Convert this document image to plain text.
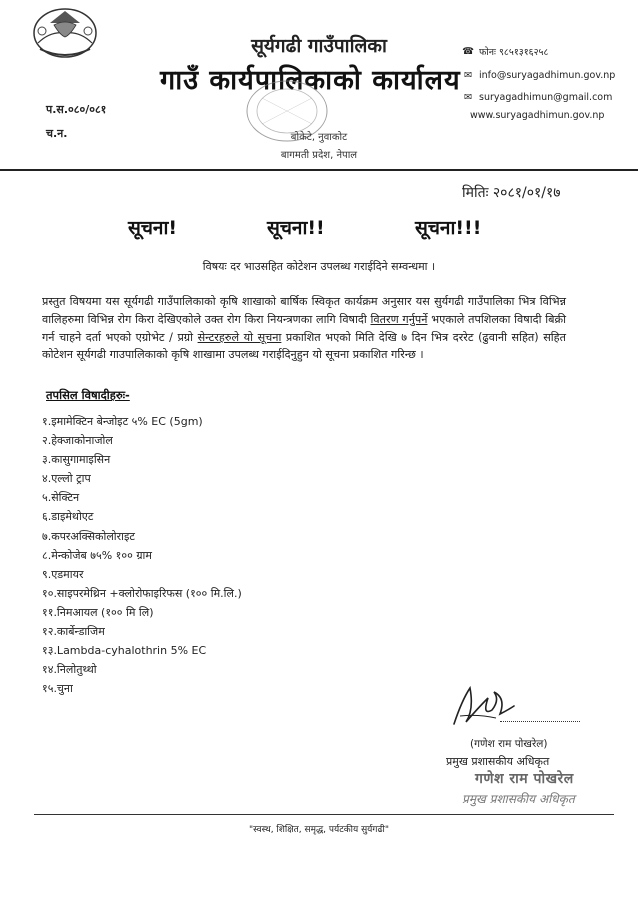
सूर्यगढी गाउँपालिका
गाउँ कार्यपालिकाको कार्यालय
☎ फोनः ९८५१३१६२५८
✉ info@suryagadhimun.gov.np
✉ suryagadhimun@gmail.com
www.suryagadhimun.gov.np
प.स.०८०/०८१
च.न.	बोकेटे, नुवाकोट
बागमती प्रदेश, नेपाल
मितिः २०८१/०१/१७
सूचना!	सूचना!!	सूचना!!!
विषयः दर भाउसहित कोटेशन उपलब्ध गराईदिने सम्वन्धमा ।
प्रस्तुत विषयमा यस सूर्यगढी गाउँपालिकाको कृषि शाखाको बार्षिक स्विकृत कार्यक्रम अनुसार यस सुर्यगढी गाउँपालिका भित्र विभिन्न वालिहरुमा विभिन्न रोग किरा देखिएकोले उक्त रोग किरा नियन्त्रणका लागि विषादी वितरण गर्नुपर्ने भएकाले तपशिलका विषादी बिक्री गर्न चाहने दर्ता भएको एग्रोभेट / प्रग्रो सेन्टरहरुले यो सूचना प्रकाशित भएको मिति देखि ७ दिन भित्र दररेट (ढुवानी सहित) सहित कोटेशन सूर्यगढी गाउपालिकाको कृषि शाखामा उपलब्ध गराईदिनुहुन यो सूचना प्रकाशित गरिन्छ ।
तपसिल विषादीहरुः-
१.इमामेक्टिन बेन्जोइट ५% EC (5gm)
२.हेक्जाकोनाजोल
३.कासुगामाइसिन
४.एल्लो ट्राप
५.सेक्टिन
६.डाइमेथोएट
७.कपरअक्सिकोलोराइट
८.मेन्कोजेब ७५% १०० ग्राम
९.एडमायर
१०.साइपरमेथ्रिन +क्लोरोफाइरिफस (१०० मि.लि.)
११.निमआयल (१०० मि लि)
१२.कार्बेन्डाजिम
१३.Lambda-cyhalothrin 5% EC
१४.निलोतुथ्थो
१५.चुना
(गणेश राम पोखरेल)
प्रमुख प्रशासकीय अधिकृत
गणेश राम पोखरेल
प्रमुख प्रशासकीय अधिकृत
"स्वस्थ, शिक्षित, समृद्ध, पर्यटकीय सुर्यगढी"
